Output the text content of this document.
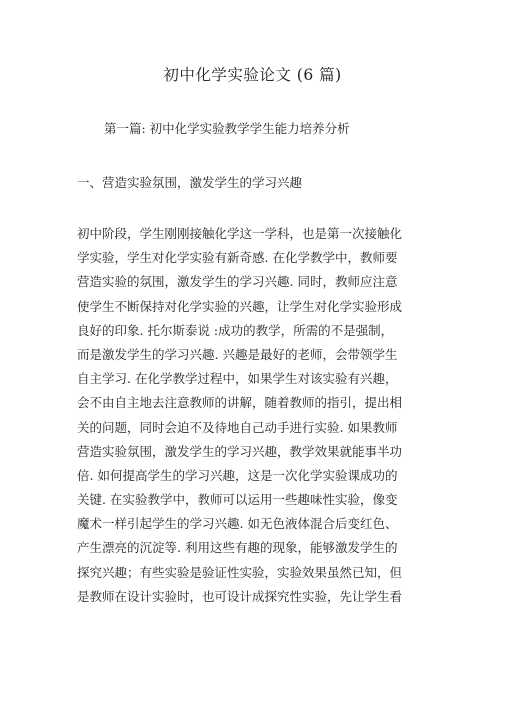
初中化学实验论文 (6 篇)
第一篇: 初中化学实验教学学生能力培养分析
一、营造实验氛围，激发学生的学习兴趣
初中阶段，学生刚刚接触化学这一学科，也是第一次接触化
学实验，学生对化学实验有新奇感. 在化学教学中，教师要
营造实验的氛围，激发学生的学习兴趣. 同时，教师应注意
使学生不断保持对化学实验的兴趣，让学生对化学实验形成
良好的印象. 托尔斯泰说 :成功的教学，所需的不是强制，
而是激发学生的学习兴趣. 兴趣是最好的老师，会带领学生
自主学习. 在化学教学过程中，如果学生对该实验有兴趣，
会不由自主地去注意教师的讲解，随着教师的指引，提出相
关的问题，同时会迫不及待地自己动手进行实验. 如果教师
营造实验氛围，激发学生的学习兴趣，教学效果就能事半功
倍. 如何提高学生的学习兴趣，这是一次化学实验课成功的
关键. 在实验教学中，教师可以运用一些趣味性实验，像变
魔术一样引起学生的学习兴趣. 如无色液体混合后变红色、
产生漂亮的沉淀等. 利用这些有趣的现象，能够激发学生的
探究兴趣；有些实验是验证性实验，实验效果虽然已知，但
是教师在设计实验时，也可设计成探究性实验，先让学生看
